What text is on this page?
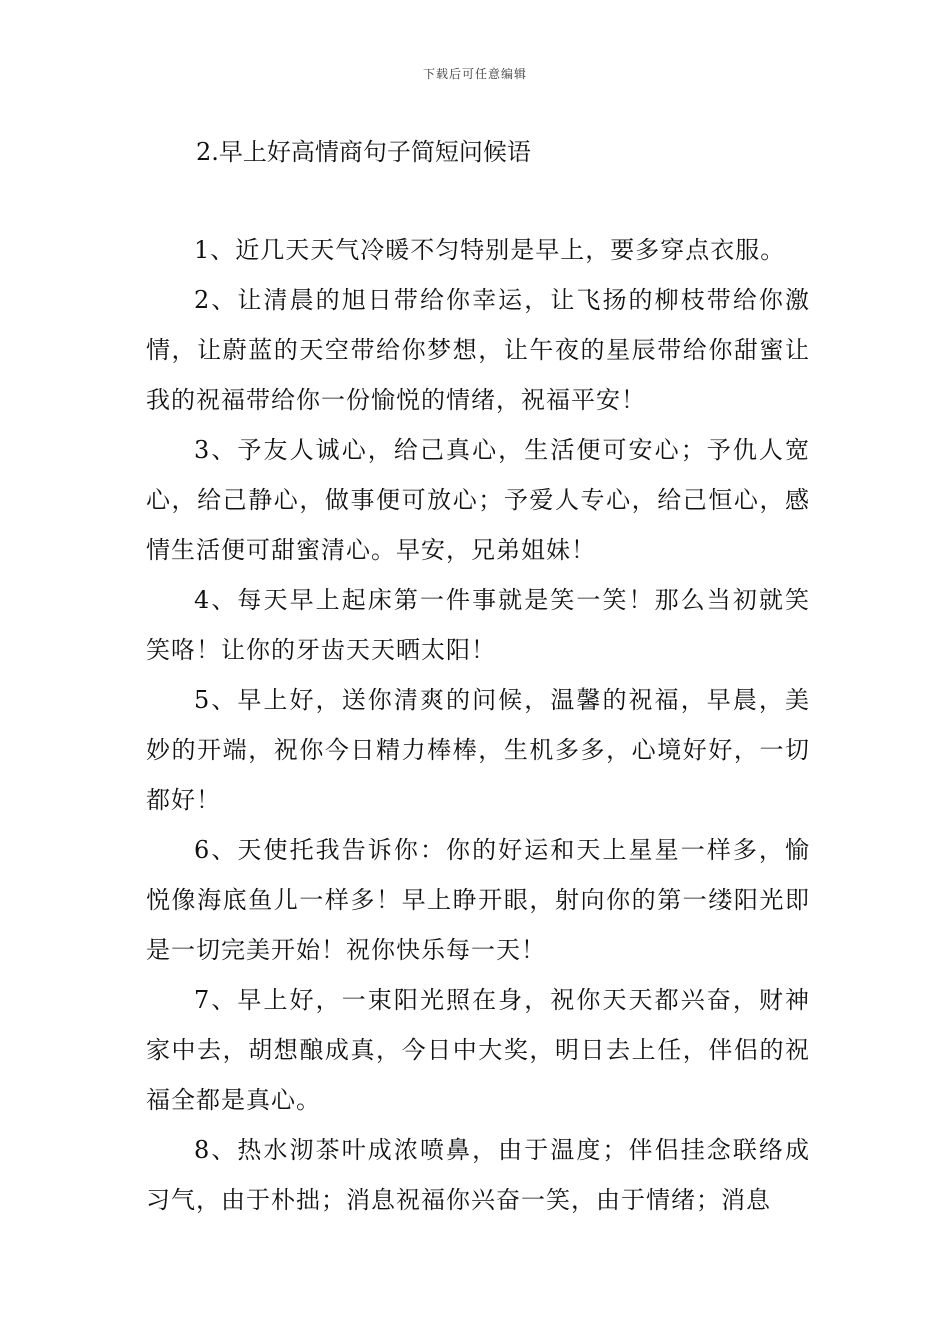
下载后可任意编辑
2.早上好高情商句子简短问候语

1、近几天天气冷暖不匀特别是早上，要多穿点衣服。

2、让清晨的旭日带给你幸运，让飞扬的柳枝带给你激情，让蔚蓝的天空带给你梦想，让午夜的星辰带给你甜蜜让我的祝福带给你一份愉悦的情绪，祝福平安！

3、予友人诚心，给己真心，生活便可安心；予仇人宽心，给己静心，做事便可放心；予爱人专心，给己恒心，感情生活便可甜蜜清心。早安，兄弟姐妹！

4、每天早上起床第一件事就是笑一笑！那么当初就笑笑咯！让你的牙齿天天晒太阳！

5、早上好，送你清爽的问候，温馨的祝福，早晨，美妙的开端，祝你今日精力棒棒，生机多多，心境好好，一切都好！

6、天使托我告诉你：你的好运和天上星星一样多，愉悦像海底鱼儿一样多！早上睁开眼，射向你的第一缕阳光即是一切完美开始！祝你快乐每一天！

7、早上好，一束阳光照在身，祝你天天都兴奋，财神家中去，胡想酿成真，今日中大奖，明日去上任，伴侣的祝福全都是真心。

8、热水沏茶叶成浓喷鼻，由于温度；伴侣挂念联络成习气，由于朴拙；消息祝福你兴奋一笑，由于情绪；消息
